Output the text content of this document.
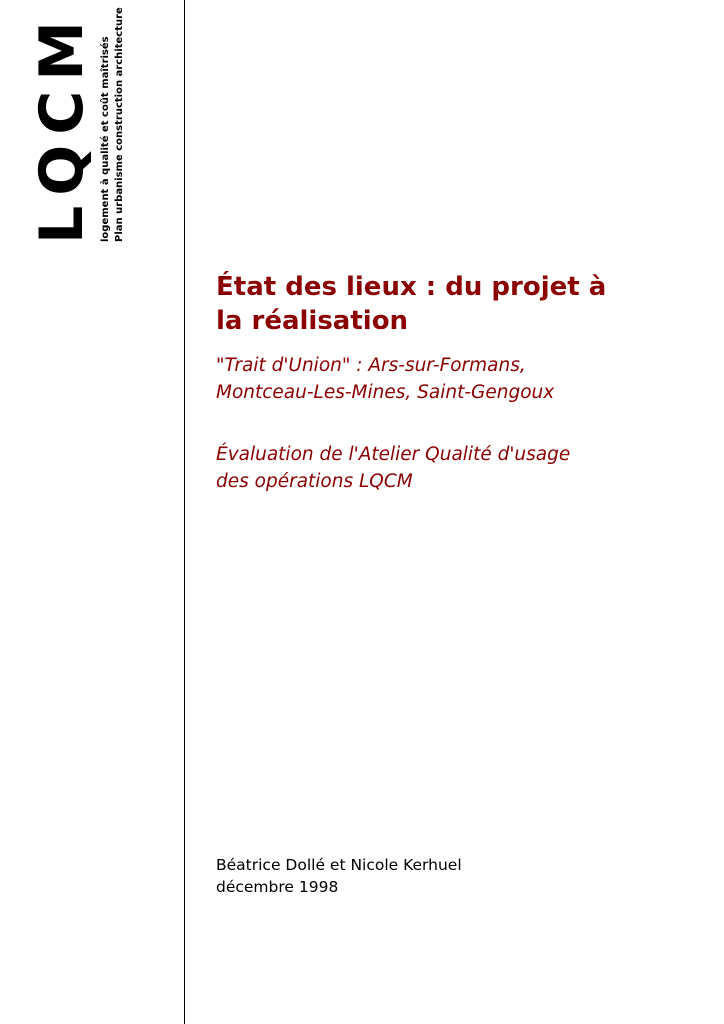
LQCM logement à qualité et coût maîtrisés Plan urbanisme construction architecture
État des lieux : du projet à
la réalisation
"Trait d'Union" : Ars-sur-Formans,
Montceau-Les-Mines, Saint-Gengoux
Évaluation de l'Atelier Qualité d'usage
des opérations LQCM
Béatrice Dollé et Nicole Kerhuel
décembre 1998
